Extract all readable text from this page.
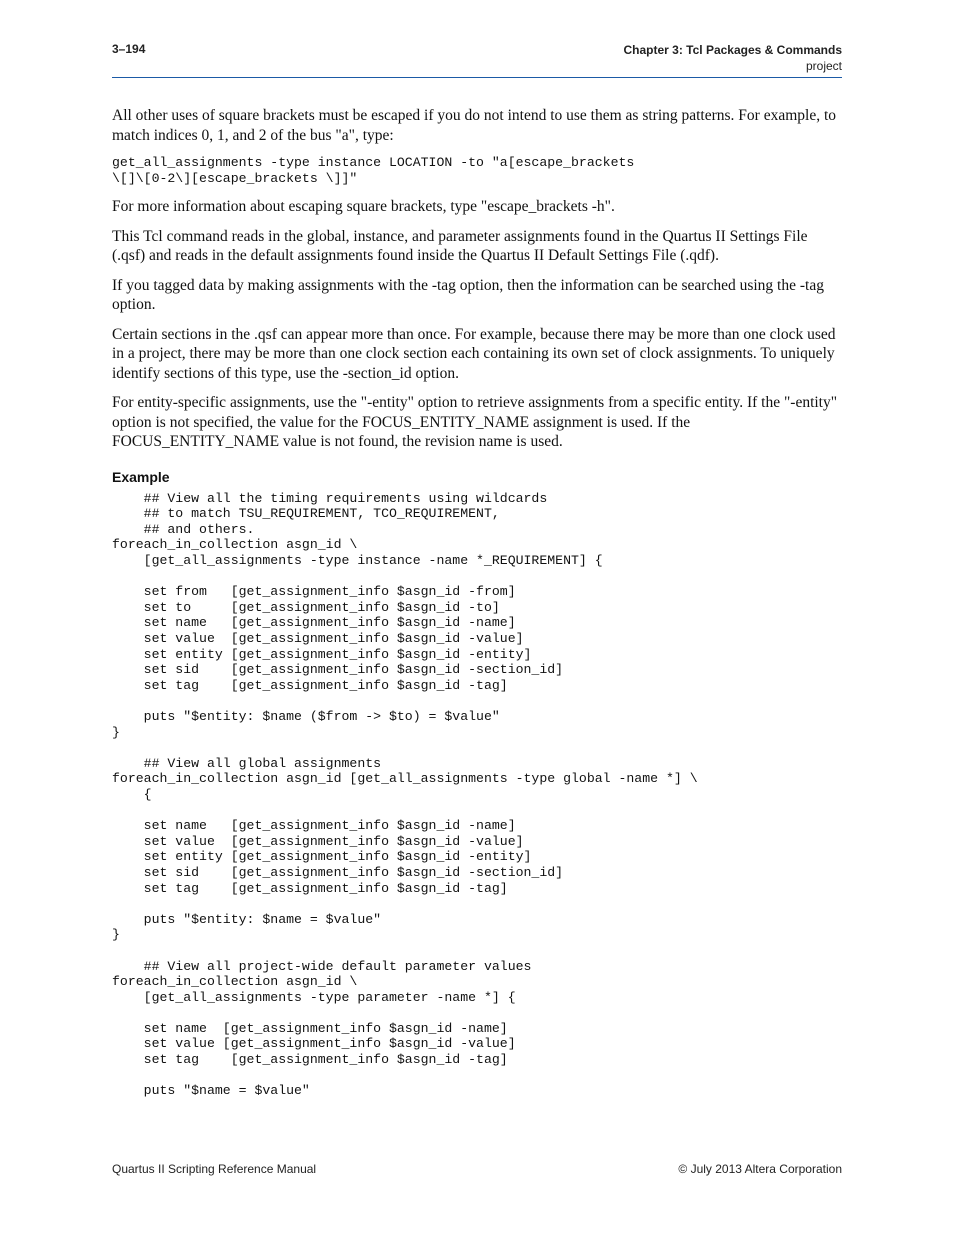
3–194	Chapter 3: Tcl Packages & Commands
project

All other uses of square brackets must be escaped if you do not intend to use them as string patterns. For example, to match indices 0, 1, and 2 of the bus "a", type:

get_all_assignments -type instance LOCATION -to "a[escape_brackets
\[]\[0-2\][escape_brackets \]]"

For more information about escaping square brackets, type "escape_brackets -h".

This Tcl command reads in the global, instance, and parameter assignments found in the Quartus II Settings File (.qsf) and reads in the default assignments found inside the Quartus II Default Settings File (.qdf).

If you tagged data by making assignments with the -tag option, then the information can be searched using the -tag option.

Certain sections in the .qsf can appear more than once. For example, because there may be more than one clock used in a project, there may be more than one clock section each containing its own set of clock assignments. To uniquely identify sections of this type, use the -section_id option.

For entity-specific assignments, use the "-entity" option to retrieve assignments from a specific entity. If the "-entity" option is not specified, the value for the FOCUS_ENTITY_NAME assignment is used. If the FOCUS_ENTITY_NAME value is not found, the revision name is used.

Example
## View all the timing requirements using wildcards
## to match TSU_REQUIREMENT, TCO_REQUIREMENT,
## and others.
foreach_in_collection asgn_id \
[get_all_assignments -type instance -name *_REQUIREMENT] {

set from   [get_assignment_info $asgn_id -from]
set to     [get_assignment_info $asgn_id -to]
set name   [get_assignment_info $asgn_id -name]
set value  [get_assignment_info $asgn_id -value]
set entity [get_assignment_info $asgn_id -entity]
set sid    [get_assignment_info $asgn_id -section_id]
set tag    [get_assignment_info $asgn_id -tag]

puts "$entity: $name ($from -> $to) = $value"
}

## View all global assignments
foreach_in_collection asgn_id [get_all_assignments -type global -name *] \
{

set name   [get_assignment_info $asgn_id -name]
set value  [get_assignment_info $asgn_id -value]
set entity [get_assignment_info $asgn_id -entity]
set sid    [get_assignment_info $asgn_id -section_id]
set tag    [get_assignment_info $asgn_id -tag]

puts "$entity: $name = $value"
}

## View all project-wide default parameter values
foreach_in_collection asgn_id \
[get_all_assignments -type parameter -name *] {

set name  [get_assignment_info $asgn_id -name]
set value [get_assignment_info $asgn_id -value]
set tag    [get_assignment_info $asgn_id -tag]

puts "$name = $value"
Quartus II Scripting Reference Manual	© July 2013 Altera Corporation
